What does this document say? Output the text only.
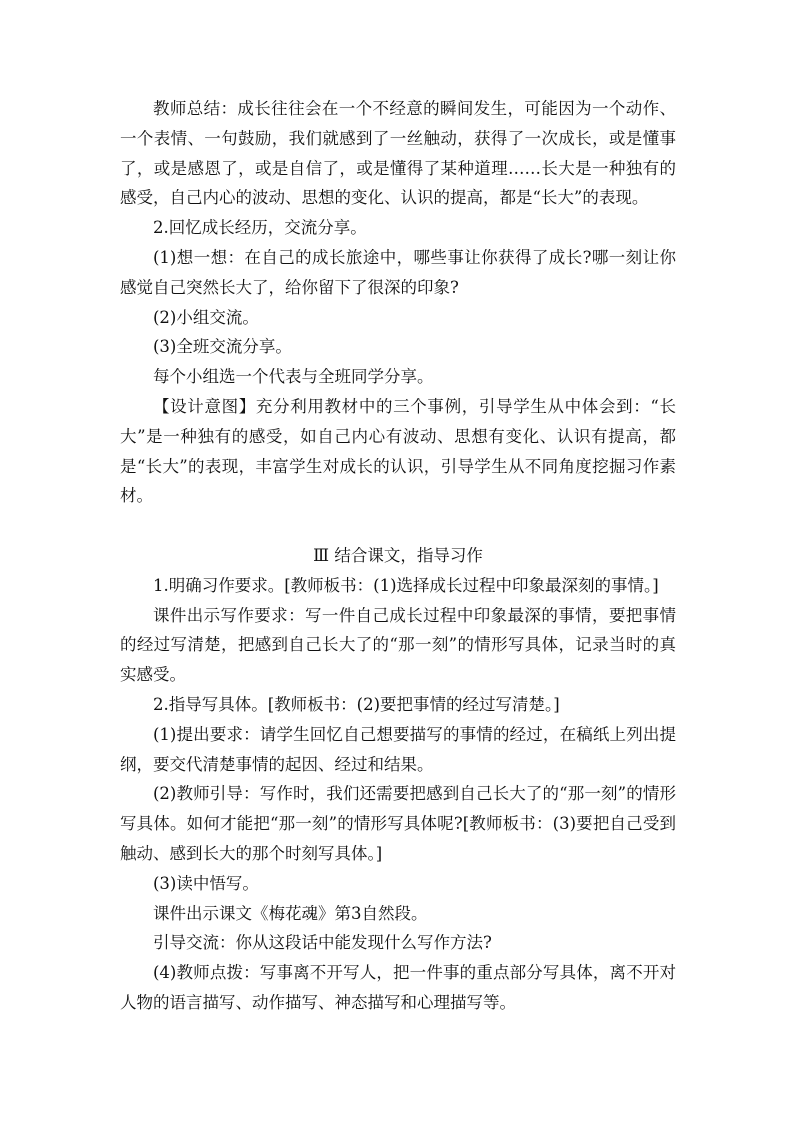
教师总结：成长往往会在一个不经意的瞬间发生，可能因为一个动作、一个表情、一句鼓励，我们就感到了一丝触动，获得了一次成长，或是懂事了，或是感恩了，或是自信了，或是懂得了某种道理……长大是一种独有的感受，自己内心的波动、思想的变化、认识的提高，都是“长大”的表现。

2.回忆成长经历，交流分享。

(1)想一想：在自己的成长旅途中，哪些事让你获得了成长?哪一刻让你感觉自己突然长大了，给你留下了很深的印象?

(2)小组交流。

(3)全班交流分享。

每个小组选一个代表与全班同学分享。

【设计意图】充分利用教材中的三个事例，引导学生从中体会到：“长大”是一种独有的感受，如自己内心有波动、思想有变化、认识有提高，都是“长大”的表现，丰富学生对成长的认识，引导学生从不同角度挖掘习作素材。

Ⅲ 结合课文，指导习作

1.明确习作要求。[教师板书：(1)选择成长过程中印象最深刻的事情。]

课件出示写作要求：写一件自己成长过程中印象最深的事情，要把事情的经过写清楚，把感到自己长大了的“那一刻”的情形写具体，记录当时的真实感受。

2.指导写具体。[教师板书：(2)要把事情的经过写清楚。]

(1)提出要求：请学生回忆自己想要描写的事情的经过，在稿纸上列出提纲，要交代清楚事情的起因、经过和结果。

(2)教师引导：写作时，我们还需要把感到自己长大了的“那一刻”的情形写具体。如何才能把“那一刻”的情形写具体呢?[教师板书：(3)要把自己受到触动、感到长大的那个时刻写具体。]

(3)读中悟写。

课件出示课文《梅花魂》第3自然段。

引导交流：你从这段话中能发现什么写作方法?

(4)教师点拨：写事离不开写人，把一件事的重点部分写具体，离不开对人物的语言描写、动作描写、神态描写和心理描写等。
